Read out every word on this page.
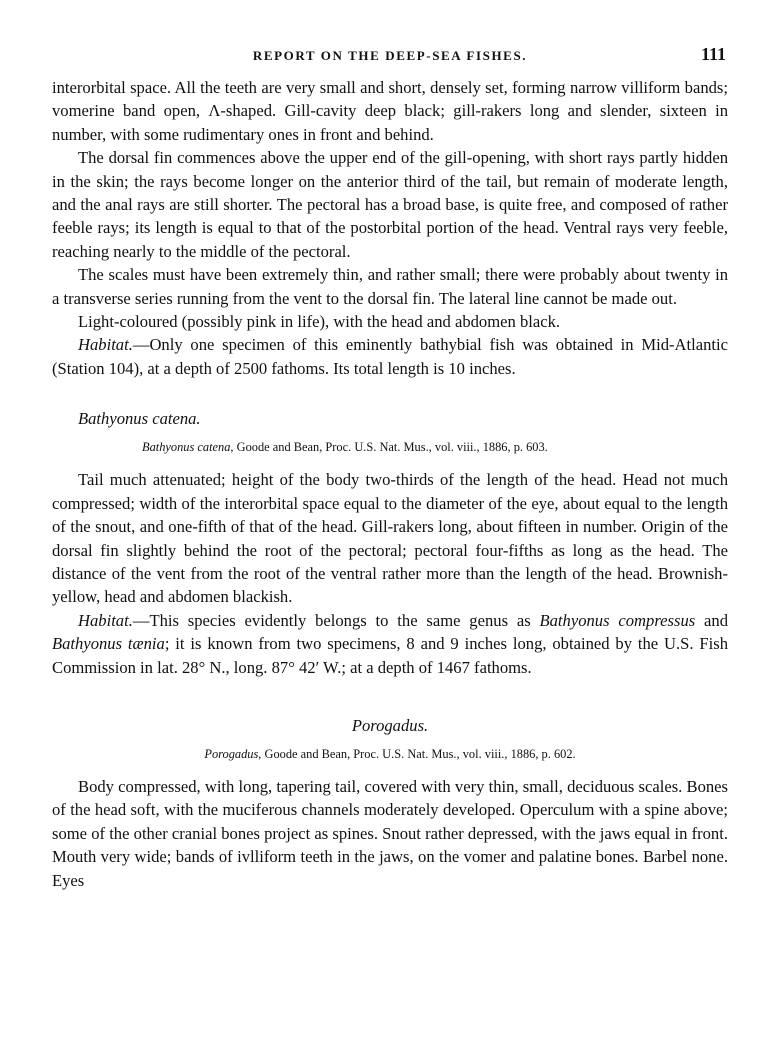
REPORT ON THE DEEP-SEA FISHES.	111

interorbital space. All the teeth are very small and short, densely set, forming narrow villiform bands; vomerine band open, Λ-shaped. Gill-cavity deep black; gill-rakers long and slender, sixteen in number, with some rudimentary ones in front and behind.

The dorsal fin commences above the upper end of the gill-opening, with short rays partly hidden in the skin; the rays become longer on the anterior third of the tail, but remain of moderate length, and the anal rays are still shorter. The pectoral has a broad base, is quite free, and composed of rather feeble rays; its length is equal to that of the postorbital portion of the head. Ventral rays very feeble, reaching nearly to the middle of the pectoral.

The scales must have been extremely thin, and rather small; there were probably about twenty in a transverse series running from the vent to the dorsal fin. The lateral line cannot be made out.

Light-coloured (possibly pink in life), with the head and abdomen black.

Habitat.—Only one specimen of this eminently bathybial fish was obtained in Mid-Atlantic (Station 104), at a depth of 2500 fathoms. Its total length is 10 inches.

Bathyonus catena.
Bathyonus catena, Goode and Bean, Proc. U.S. Nat. Mus., vol. viii., 1886, p. 603.

Tail much attenuated; height of the body two-thirds of the length of the head. Head not much compressed; width of the interorbital space equal to the diameter of the eye, about equal to the length of the snout, and one-fifth of that of the head. Gill-rakers long, about fifteen in number. Origin of the dorsal fin slightly behind the root of the pectoral; pectoral four-fifths as long as the head. The distance of the vent from the root of the ventral rather more than the length of the head. Brownish-yellow, head and abdomen blackish.

Habitat.—This species evidently belongs to the same genus as Bathyonus compressus and Bathyonus tænia; it is known from two specimens, 8 and 9 inches long, obtained by the U.S. Fish Commission in lat. 28° N., long. 87° 42′ W.; at a depth of 1467 fathoms.

Porogadus.
Porogadus, Goode and Bean, Proc. U.S. Nat. Mus., vol. viii., 1886, p. 602.

Body compressed, with long, tapering tail, covered with very thin, small, deciduous scales. Bones of the head soft, with the muciferous channels moderately developed. Operculum with a spine above; some of the other cranial bones project as spines. Snout rather depressed, with the jaws equal in front. Mouth very wide; bands of ivlliform teeth in the jaws, on the vomer and palatine bones. Barbel none. Eyes
